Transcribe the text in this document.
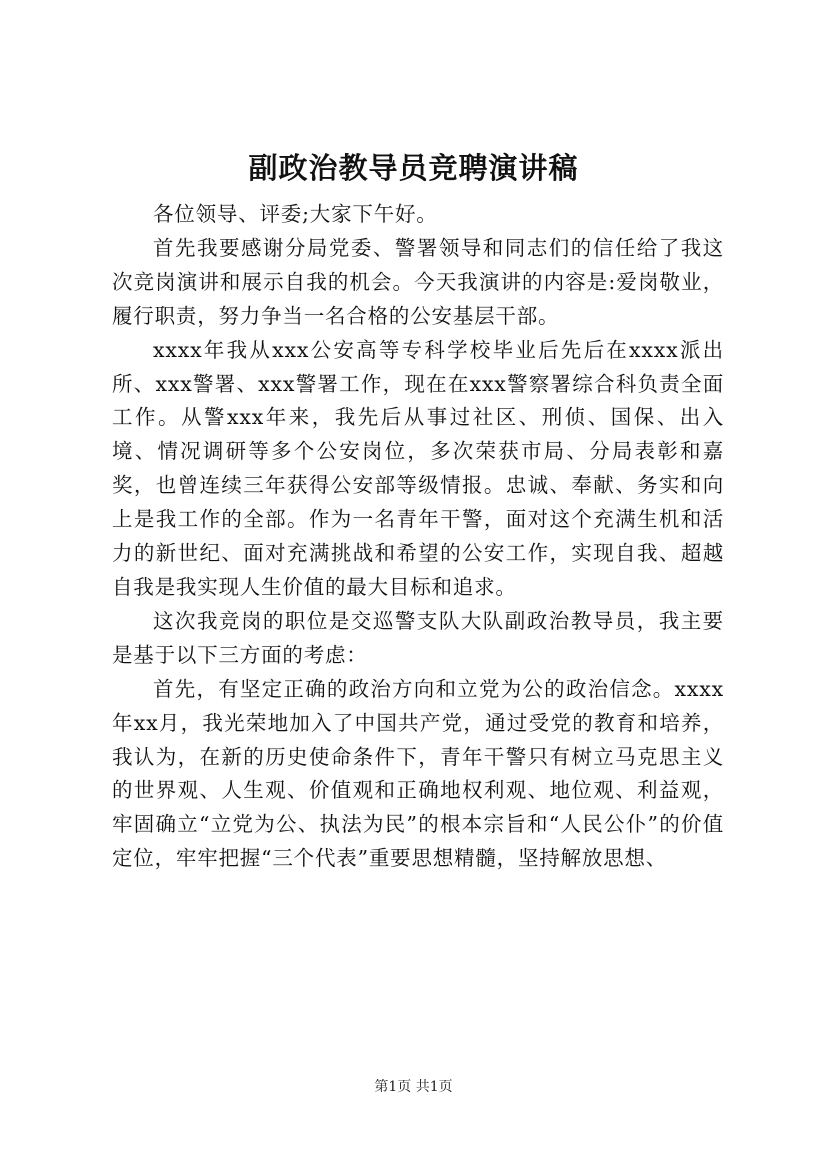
副政治教导员竞聘演讲稿

各位领导、评委;大家下午好。

首先我要感谢分局党委、警署领导和同志们的信任给了我这次竞岗演讲和展示自我的机会。今天我演讲的内容是:爱岗敬业，履行职责，努力争当一名合格的公安基层干部。

xxxx年我从xxx公安高等专科学校毕业后先后在xxxx派出所、xxx警署、xxx警署工作，现在在xxx警察署综合科负责全面工作。从警xxx年来，我先后从事过社区、刑侦、国保、出入境、情况调研等多个公安岗位，多次荣获市局、分局表彰和嘉奖，也曾连续三年获得公安部等级情报。忠诚、奉献、务实和向上是我工作的全部。作为一名青年干警，面对这个充满生机和活力的新世纪、面对充满挑战和希望的公安工作，实现自我、超越自我是我实现人生价值的最大目标和追求。

这次我竞岗的职位是交巡警支队大队副政治教导员，我主要是基于以下三方面的考虑：

首先，有坚定正确的政治方向和立党为公的政治信念。xxxx年xx月，我光荣地加入了中国共产党，通过受党的教育和培养，我认为，在新的历史使命条件下，青年干警只有树立马克思主义的世界观、人生观、价值观和正确地权利观、地位观、利益观，牢固确立“立党为公、执法为民”的根本宗旨和“人民公仆”的价值定位，牢牢把握“三个代表”重要思想精髓，坚持解放思想、

第1页 共1页
